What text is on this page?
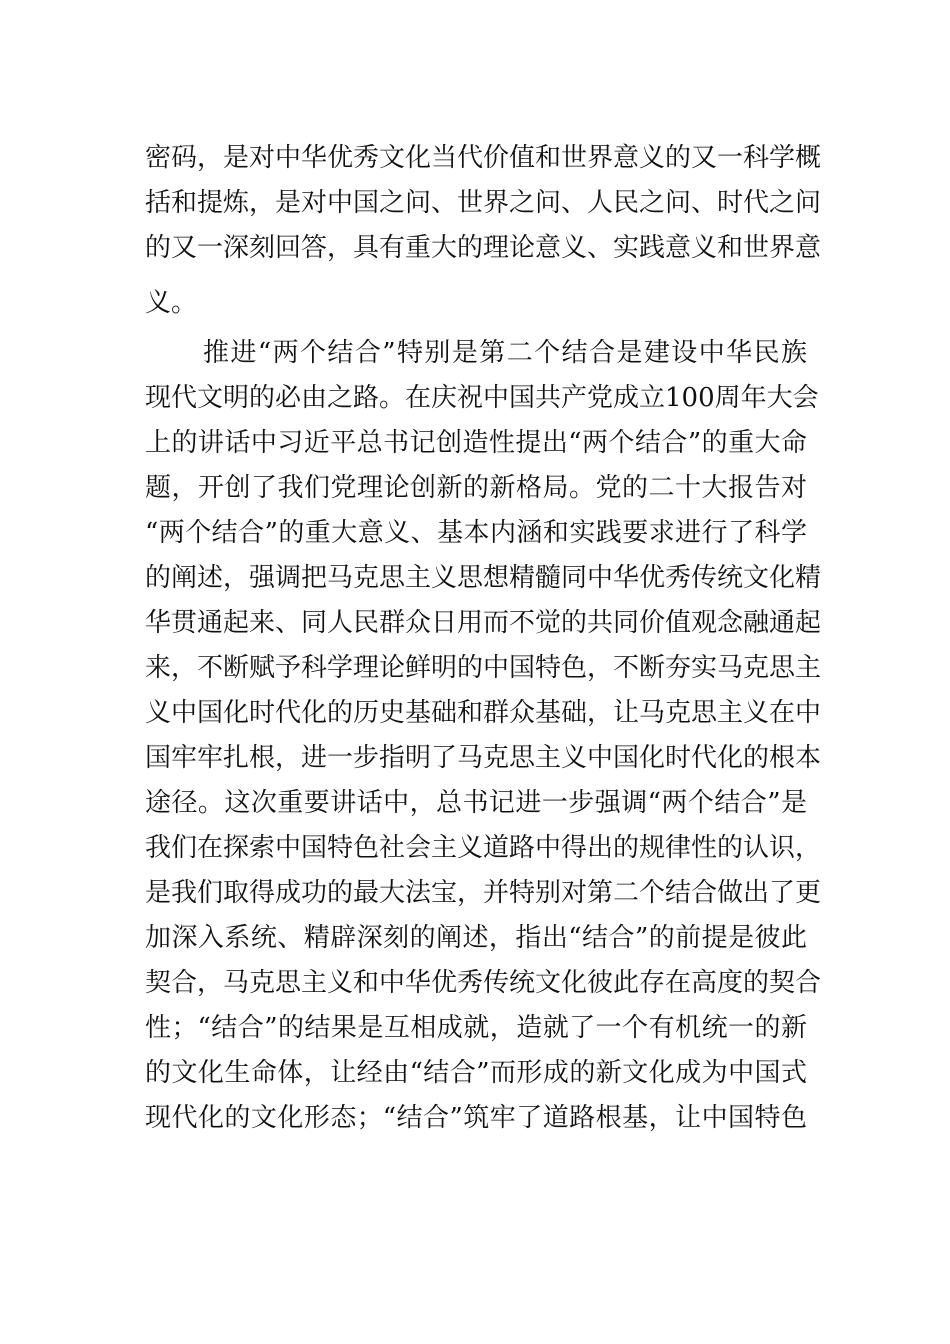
密码，是对中华优秀文化当代价值和世界意义的又一科学概
括和提炼，是对中国之问、世界之问、人民之问、时代之问
的又一深刻回答，具有重大的理论意义、实践意义和世界意
义。
推进“两个结合”特别是第二个结合是建设中华民族
现代文明的必由之路。在庆祝中国共产党成立100周年大会
上的讲话中习近平总书记创造性提出“两个结合”的重大命
题，开创了我们党理论创新的新格局。党的二十大报告对
“两个结合”的重大意义、基本内涵和实践要求进行了科学
的阐述，强调把马克思主义思想精髓同中华优秀传统文化精
华贯通起来、同人民群众日用而不觉的共同价值观念融通起
来，不断赋予科学理论鲜明的中国特色，不断夯实马克思主
义中国化时代化的历史基础和群众基础，让马克思主义在中
国牢牢扎根，进一步指明了马克思主义中国化时代化的根本
途径。这次重要讲话中，总书记进一步强调“两个结合”是
我们在探索中国特色社会主义道路中得出的规律性的认识，
是我们取得成功的最大法宝，并特别对第二个结合做出了更
加深入系统、精辟深刻的阐述，指出“结合”的前提是彼此
契合，马克思主义和中华优秀传统文化彼此存在高度的契合
性；“结合”的结果是互相成就，造就了一个有机统一的新
的文化生命体，让经由“结合”而形成的新文化成为中国式
现代化的文化形态；“结合”筑牢了道路根基，让中国特色
